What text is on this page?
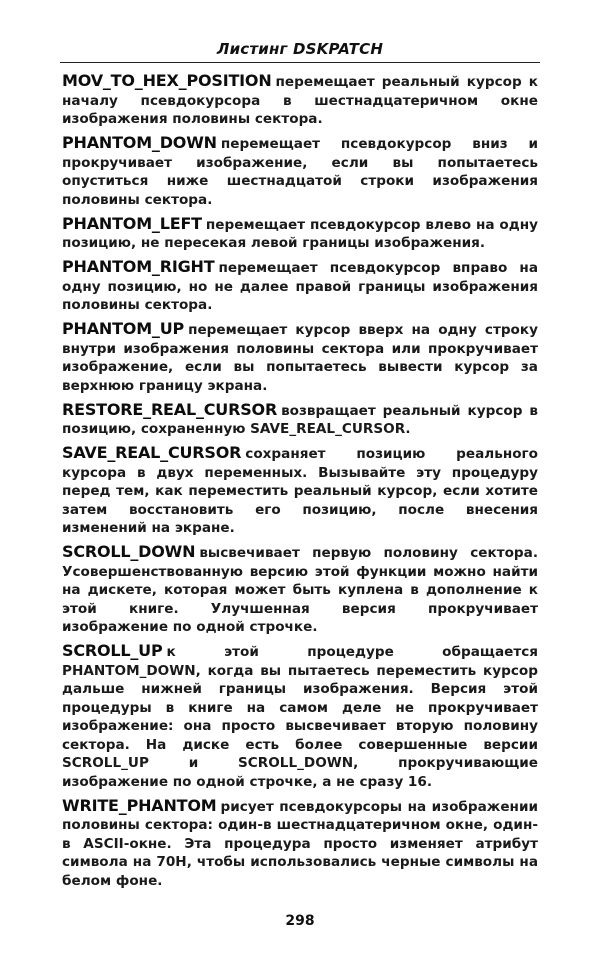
Листинг DSKPATCH

MOV_TO_HEX_POSITION перемещает реальный курсор к началу псевдокурсора в шестнадцатеричном окне изображения половины сектора.

PHANTOM_DOWN перемещает псевдокурсор вниз и прокручивает изображение, если вы попытаетесь опуститься ниже шестнадцатой строки изображения половины сектора.

PHANTOM_LEFT перемещает псевдокурсор влево на одну позицию, не пересекая левой границы изображения.

PHANTOM_RIGHT перемещает псевдокурсор вправо на одну позицию, но не далее правой границы изображения половины сектора.

PHANTOM_UP перемещает курсор вверх на одну строку внутри изображения половины сектора или прокручивает изображение, если вы попытаетесь вывести курсор за верхнюю границу экрана.

RESTORE_REAL_CURSOR возвращает реальный курсор в позицию, сохраненную SAVE_REAL_CURSOR.

SAVE_REAL_CURSOR сохраняет позицию реального курсора в двух переменных. Вызывайте эту процедуру перед тем, как переместить реальный курсор, если хотите затем восстановить его позицию, после внесения изменений на экране.

SCROLL_DOWN высвечивает первую половину сектора. Усовершенствованную версию этой функции можно найти на дискете, которая может быть куплена в дополнение к этой книге. Улучшенная версия прокручивает изображение по одной строчке.

SCROLL_UP к этой процедуре обращается PHANTOM_DOWN, когда вы пытаетесь переместить курсор дальше нижней границы изображения. Версия этой процедуры в книге на самом деле не прокручивает изображение: она просто высвечивает вторую половину сектора. На диске есть более совершенные версии SCROLL_UP и SCROLL_DOWN, прокручивающие изображение по одной строчке, а не сразу 16.

WRITE_PHANTOM рисует псевдокурсоры на изображении половины сектора: один-в шестнадцатеричном окне, один-в ASCII-окне. Эта процедура просто изменяет атрибут символа на 70H, чтобы использовались черные символы на белом фоне.

298
